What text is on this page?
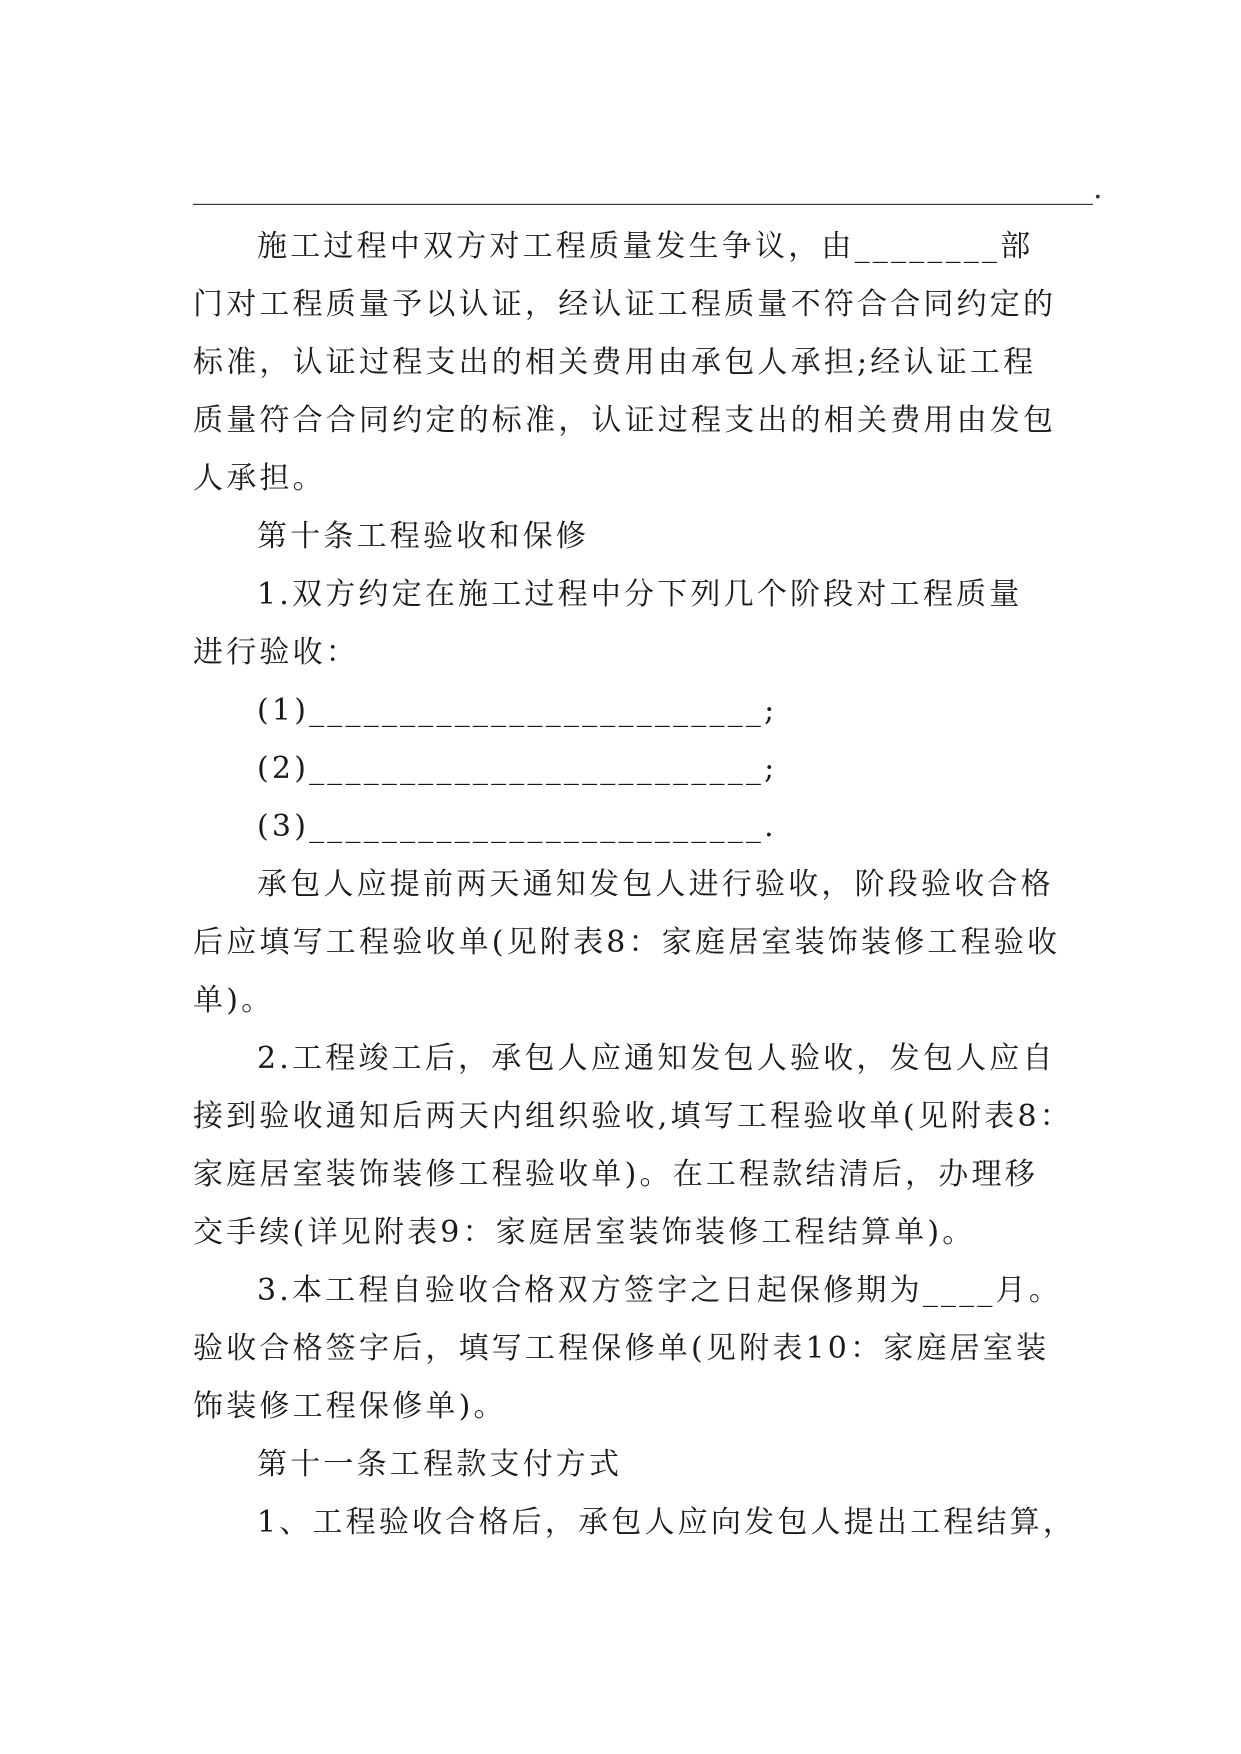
____________________________________________________________.
施工过程中双方对工程质量发生争议，由________部
门对工程质量予以认证，经认证工程质量不符合合同约定的
标准，认证过程支出的相关费用由承包人承担;经认证工程
质量符合合同约定的标准，认证过程支出的相关费用由发包
人承担。
第十条工程验收和保修
1.双方约定在施工过程中分下列几个阶段对工程质量
进行验收：
(1)_________________________;
(2)_________________________;
(3)_________________________.
承包人应提前两天通知发包人进行验收，阶段验收合格
后应填写工程验收单(见附表8：家庭居室装饰装修工程验收
单)。
2.工程竣工后，承包人应通知发包人验收，发包人应自
接到验收通知后两天内组织验收,填写工程验收单(见附表8：
家庭居室装饰装修工程验收单)。在工程款结清后，办理移
交手续(详见附表9：家庭居室装饰装修工程结算单)。
3.本工程自验收合格双方签字之日起保修期为____月。
验收合格签字后，填写工程保修单(见附表10：家庭居室装
饰装修工程保修单)。
第十一条工程款支付方式
1、工程验收合格后，承包人应向发包人提出工程结算，
